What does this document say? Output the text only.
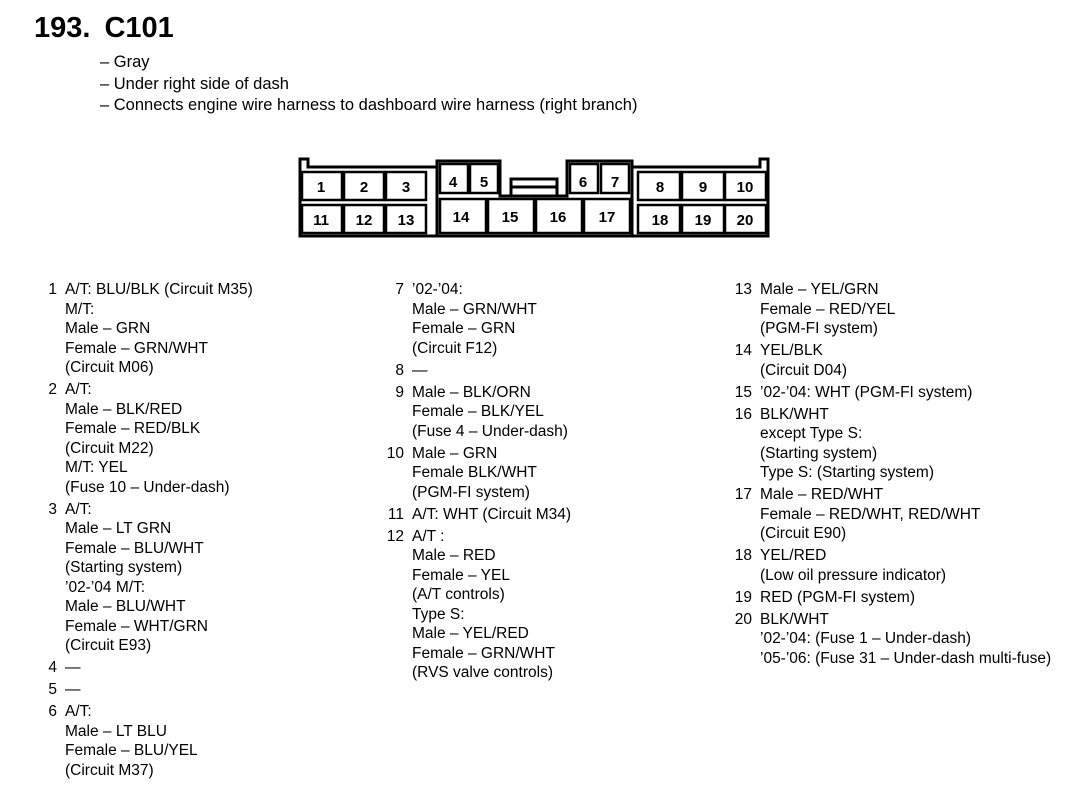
193. C101
– Gray
– Under right side of dash
– Connects engine wire harness to dashboard wire harness (right branch)
1 2 3	4 5	6 7 8 9 10
11 12 13	14 15 16 17 18 19 20
1 A/T: BLU/BLK (Circuit M35)
M/T:
Male – GRN
Female – GRN/WHT
(Circuit M06)
2 A/T:
Male – BLK/RED
Female – RED/BLK
(Circuit M22)
M/T: YEL
(Fuse 10 – Under-dash)
3 A/T:
Male – LT GRN
Female – BLU/WHT
(Starting system)
’02-’04 M/T:
Male – BLU/WHT
Female – WHT/GRN
(Circuit E93)
4 —
5 —
6 A/T:
Male – LT BLU
Female – BLU/YEL
(Circuit M37)
7 ’02-’04:
Male – GRN/WHT
Female – GRN
(Circuit F12)
8 —
9 Male – BLK/ORN
Female – BLK/YEL
(Fuse 4 – Under-dash)
10 Male – GRN
Female BLK/WHT
(PGM-FI system)
11 A/T: WHT (Circuit M34)
12 A/T :
Male – RED
Female – YEL
(A/T controls)
Type S:
Male – YEL/RED
Female – GRN/WHT
(RVS valve controls)
13 Male – YEL/GRN
Female – RED/YEL
(PGM-FI system)
14 YEL/BLK
(Circuit D04)
15 ’02-’04: WHT (PGM-FI system)
16 BLK/WHT
except Type S:
(Starting system)
Type S: (Starting system)
17 Male – RED/WHT
Female – RED/WHT, RED/WHT
(Circuit E90)
18 YEL/RED
(Low oil pressure indicator)
19 RED (PGM-FI system)
20 BLK/WHT
’02-’04: (Fuse 1 – Under-dash)
’05-’06: (Fuse 31 – Under-dash multi-fuse)
